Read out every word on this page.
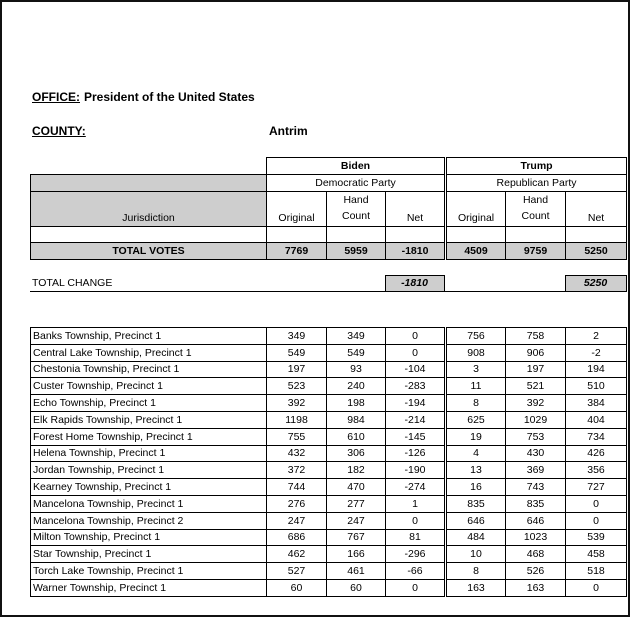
OFFICE: President of the United States
COUNTY:	Antrim
	Biden				Trump		
	Democratic Party				Republican Party		
Jurisdiction	Original	Hand Count	Net		Original	Hand Count	Net

TOTAL VOTES	7769	5959	-1810		4509	9759	5250
TOTAL CHANGE			-1810				5250
Banks Township, Precinct 1	349	349	0		756	758	2
Central Lake Township, Precinct 1	549	549	0		908	906	-2
Chestonia Township, Precinct 1	197	93	-104		3	197	194
Custer Township, Precinct 1	523	240	-283		11	521	510
Echo Township, Precinct 1	392	198	-194		8	392	384
Elk Rapids Township, Precinct 1	1198	984	-214		625	1029	404
Forest Home Township, Precinct 1	755	610	-145		19	753	734
Helena Township, Precinct 1	432	306	-126		4	430	426
Jordan Township, Precinct 1	372	182	-190		13	369	356
Kearney Township, Precinct 1	744	470	-274		16	743	727
Mancelona Township, Precinct 1	276	277	1		835	835	0
Mancelona Township, Precinct 2	247	247	0		646	646	0
Milton Township, Precinct 1	686	767	81		484	1023	539
Star Township, Precinct 1	462	166	-296		10	468	458
Torch Lake Township, Precinct 1	527	461	-66		8	526	518
Warner Township, Precinct 1	60	60	0		163	163	0
